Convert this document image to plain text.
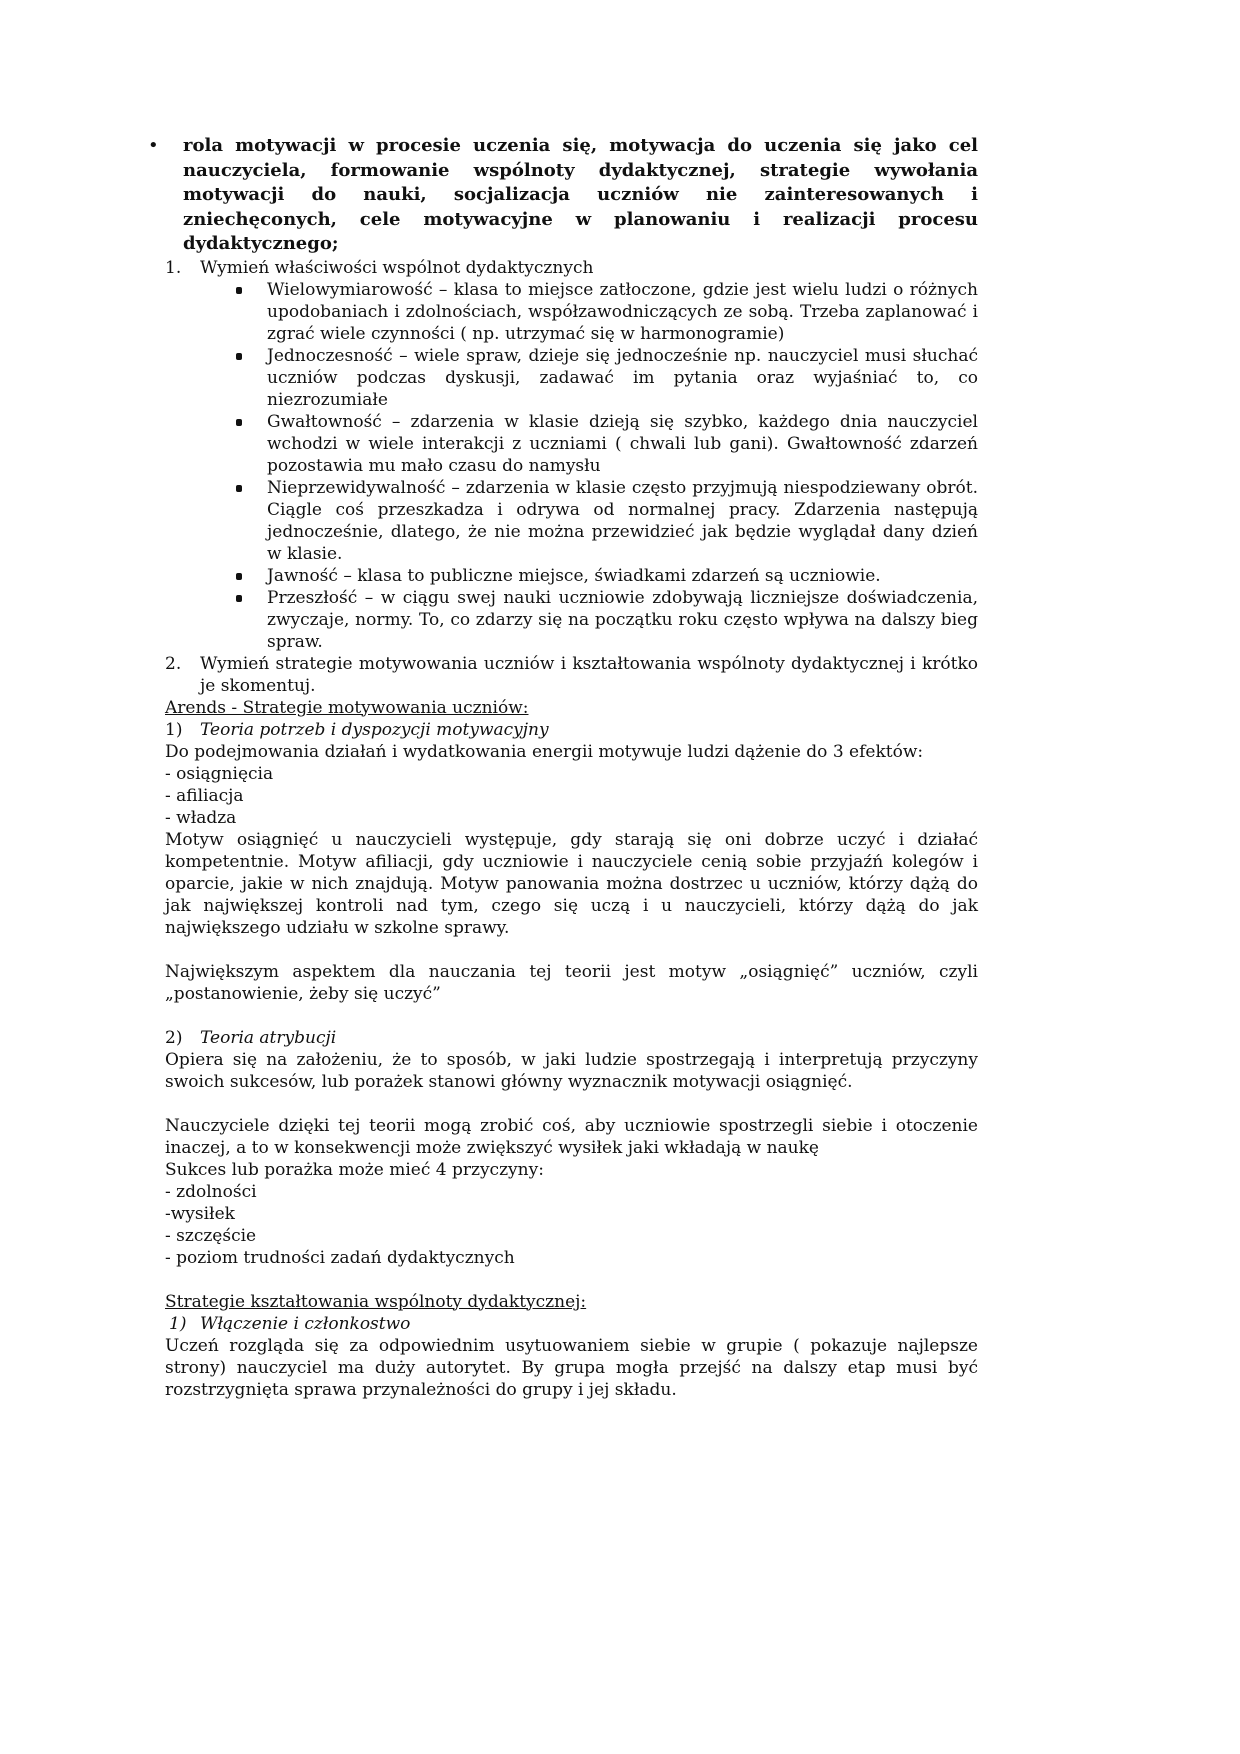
•	rola motywacji w procesie uczenia się, motywacja do uczenia się jako cel nauczyciela, formowanie wspólnoty dydaktycznej, strategie wywołania motywacji do nauki, socjalizacja uczniów nie zainteresowanych i zniechęconych, cele motywacyjne w planowaniu i realizacji procesu dydaktycznego;
1.	Wymień właściwości wspólnot dydaktycznych
Wielowymiarowość – klasa to miejsce zatłoczone, gdzie jest wielu ludzi o różnych upodobaniach i zdolnościach, współzawodniczących ze sobą. Trzeba zaplanować i zgrać wiele czynności ( np. utrzymać się w harmonogramie)
Jednoczesność – wiele spraw, dzieje się jednocześnie np. nauczyciel musi słuchać uczniów podczas dyskusji, zadawać im pytania oraz wyjaśniać to, co niezrozumiałe
Gwałtowność – zdarzenia w klasie dzieją się szybko, każdego dnia nauczyciel wchodzi w wiele interakcji z uczniami ( chwali lub gani). Gwałtowność zdarzeń pozostawia mu mało czasu do namysłu
Nieprzewidywalność – zdarzenia w klasie często przyjmują niespodziewany obrót. Ciągle coś przeszkadza i odrywa od normalnej pracy. Zdarzenia następują jednocześnie, dlatego, że nie można przewidzieć jak będzie wyglądał dany dzień w klasie.
Jawność – klasa to publiczne miejsce, świadkami zdarzeń są uczniowie.
Przeszłość – w ciągu swej nauki uczniowie zdobywają liczniejsze doświadczenia, zwyczaje, normy. To, co zdarzy się na początku roku często wpływa na dalszy bieg spraw.
2.	Wymień strategie motywowania uczniów i kształtowania wspólnoty dydaktycznej i krótko je skomentuj.

Arends - Strategie motywowania uczniów:

1)	Teoria potrzeb i dyspozycji motywacyjny

Do podejmowania działań i wydatkowania energii motywuje ludzi dążenie do 3 efektów:

- osiągnięcia

- afiliacja

- władza

Motyw osiągnięć u nauczycieli występuje, gdy starają się oni dobrze uczyć i działać kompetentnie. Motyw afiliacji, gdy uczniowie i nauczyciele cenią sobie przyjaźń kolegów i oparcie, jakie w nich znajdują. Motyw panowania można dostrzec u uczniów, którzy dążą do jak największej kontroli nad tym, czego się uczą i u nauczycieli, którzy dążą do jak największego udziału w szkolne sprawy.

Największym aspektem dla nauczania tej teorii jest motyw „osiągnięć” uczniów, czyli „postanowienie, żeby się uczyć”

2)	Teoria atrybucji

Opiera się na założeniu, że to sposób, w jaki ludzie spostrzegają i interpretują przyczyny swoich sukcesów, lub porażek stanowi główny wyznacznik motywacji osiągnięć.

Nauczyciele dzięki tej teorii mogą zrobić coś, aby uczniowie spostrzegli siebie i otoczenie inaczej, a to w konsekwencji może zwiększyć wysiłek jaki wkładają w naukę

Sukces lub porażka może mieć 4 przyczyny:

- zdolności

-wysiłek

- szczęście

- poziom trudności zadań dydaktycznych

Strategie kształtowania wspólnoty dydaktycznej:

1) Włączenie i członkostwo

Uczeń rozgląda się za odpowiednim usytuowaniem siebie w grupie ( pokazuje najlepsze strony) nauczyciel ma duży autorytet. By grupa mogła przejść na dalszy etap musi być rozstrzygnięta sprawa przynależności do grupy i jej składu.
